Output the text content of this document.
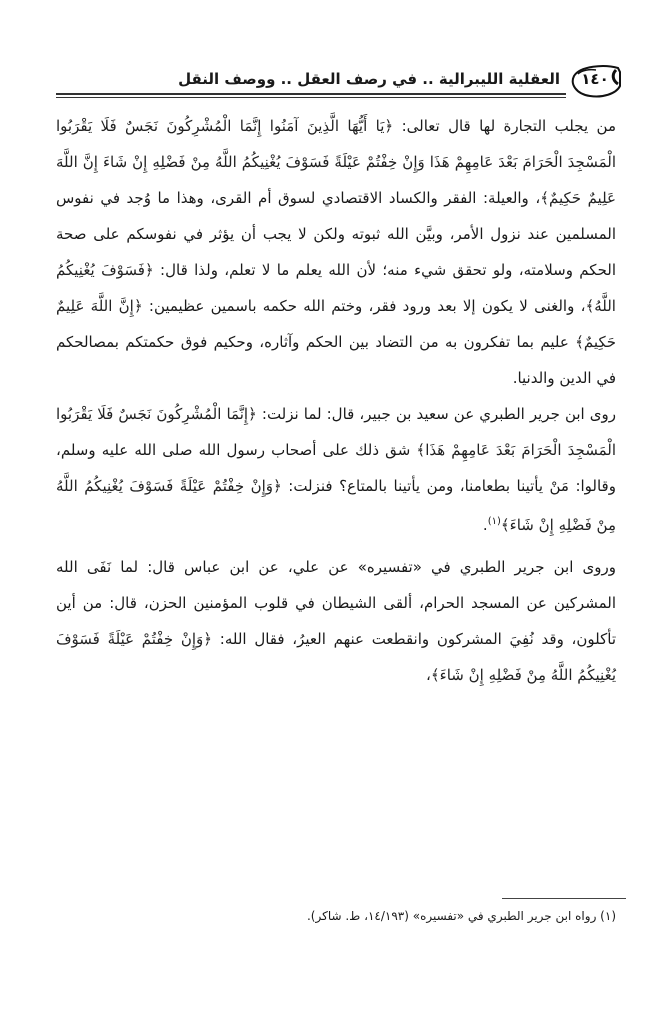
١٤٠
العقلية الليبرالية .. في رصف العقل .. ووصف النقل

من يجلب التجارة لها قال تعالى: ﴿يَا أَيُّهَا الَّذِينَ آمَنُوا إِنَّمَا الْمُشْرِكُونَ نَجَسٌ فَلَا يَقْرَبُوا الْمَسْجِدَ الْحَرَامَ بَعْدَ عَامِهِمْ هَذَا وَإِنْ خِفْتُمْ عَيْلَةً فَسَوْفَ يُغْنِيكُمُ اللَّهُ مِنْ فَضْلِهِ إِنْ شَاءَ إِنَّ اللَّهَ عَلِيمٌ حَكِيمٌ﴾، والعيلة: الفقر والكساد الاقتصادي لسوق أم القرى، وهذا ما وُجد في نفوس المسلمين عند نزول الأمر، وبيَّن الله ثبوته ولكن لا يجب أن يؤثر في نفوسكم على صحة الحكم وسلامته، ولو تحقق شيء منه؛ لأن الله يعلم ما لا تعلم، ولذا قال: ﴿فَسَوْفَ يُغْنِيكُمُ اللَّهُ﴾، والغنى لا يكون إلا بعد ورود فقر، وختم الله حكمه باسمين عظيمين: ﴿إِنَّ اللَّهَ عَلِيمٌ حَكِيمٌ﴾ عليم بما تفكرون به من التضاد بين الحكم وآثاره، وحكيم فوق حكمتكم بمصالحكم في الدين والدنيا.

روى ابن جرير الطبري عن سعيد بن جبير، قال: لما نزلت: ﴿إِنَّمَا الْمُشْرِكُونَ نَجَسٌ فَلَا يَقْرَبُوا الْمَسْجِدَ الْحَرَامَ بَعْدَ عَامِهِمْ هَذَا﴾ شق ذلك على أصحاب رسول الله صلى الله عليه وسلم، وقالوا: مَنْ يأتينا بطعامنا، ومن يأتينا بالمتاع؟ فنزلت: ﴿وَإِنْ خِفْتُمْ عَيْلَةً فَسَوْفَ يُغْنِيكُمُ اللَّهُ مِنْ فَضْلِهِ إِنْ شَاءَ﴾$^{(١)}$.

وروى ابن جرير الطبري في «تفسيره» عن علي، عن ابن عباس قال: لما نَفَى الله المشركين عن المسجد الحرام، ألقى الشيطان في قلوب المؤمنين الحزن، قال: من أين تأكلون، وقد نُفِيَ المشركون وانقطعت عنهم العيرُ، فقال الله: ﴿وَإِنْ خِفْتُمْ عَيْلَةً فَسَوْفَ يُغْنِيكُمُ اللَّهُ مِنْ فَضْلِهِ إِنْ شَاءَ﴾،

(١) رواه ابن جرير الطبري في «تفسيره» (١٤/١٩٣، ط. شاكر).
